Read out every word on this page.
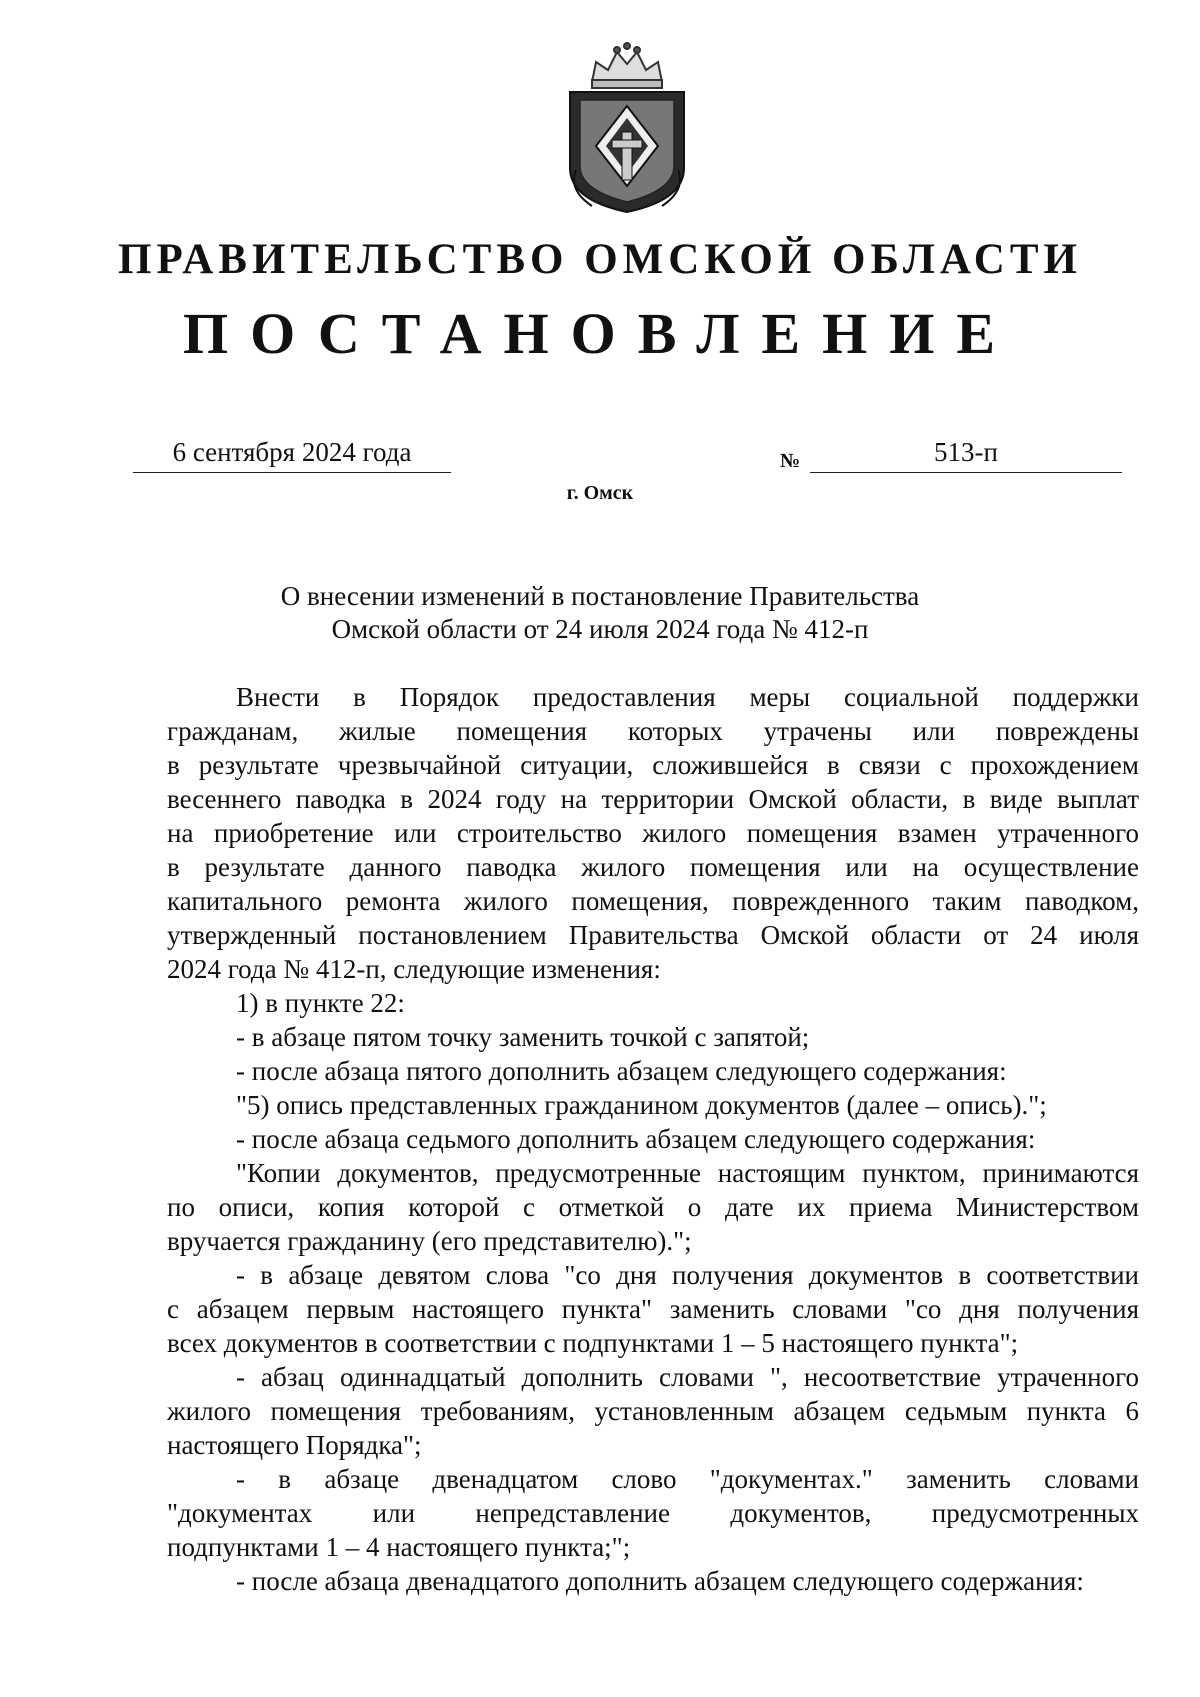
ПРАВИТЕЛЬСТВО ОМСКОЙ ОБЛАСТИ
ПОСТАНОВЛЕНИЕ
6 сентября 2024 года	№	513-п
г. Омск
О внесении изменений в постановление Правительства
Омской области от 24 июля 2024 года № 412-п

Внести в Порядок предоставления меры социальной поддержки

гражданам, жилые помещения которых утрачены или повреждены

в результате чрезвычайной ситуации, сложившейся в связи с прохождением

весеннего паводка в 2024 году на территории Омской области, в виде выплат

на приобретение или строительство жилого помещения взамен утраченного

в результате данного паводка жилого помещения или на осуществление

капитального ремонта жилого помещения, поврежденного таким паводком,

утвержденный постановлением Правительства Омской области от 24 июля

2024 года № 412-п, следующие изменения:

1) в пункте 22:

- в абзаце пятом точку заменить точкой с запятой;

- после абзаца пятого дополнить абзацем следующего содержания:

"5) опись представленных гражданином документов (далее – опись).";

- после абзаца седьмого дополнить абзацем следующего содержания:

"Копии документов, предусмотренные настоящим пунктом, принимаются

по описи, копия которой с отметкой о дате их приема Министерством

вручается гражданину (его представителю).";

- в абзаце девятом слова "со дня получения документов в соответствии

с абзацем первым настоящего пункта" заменить словами "со дня получения

всех документов в соответствии с подпунктами 1 – 5 настоящего пункта";

- абзац одиннадцатый дополнить словами ", несоответствие утраченного

жилого помещения требованиям, установленным абзацем седьмым пункта 6

настоящего Порядка";

- в абзаце двенадцатом слово "документах." заменить словами

"документах или непредставление документов, предусмотренных

подпунктами 1 – 4 настоящего пункта;";

- после абзаца двенадцатого дополнить абзацем следующего содержания:
